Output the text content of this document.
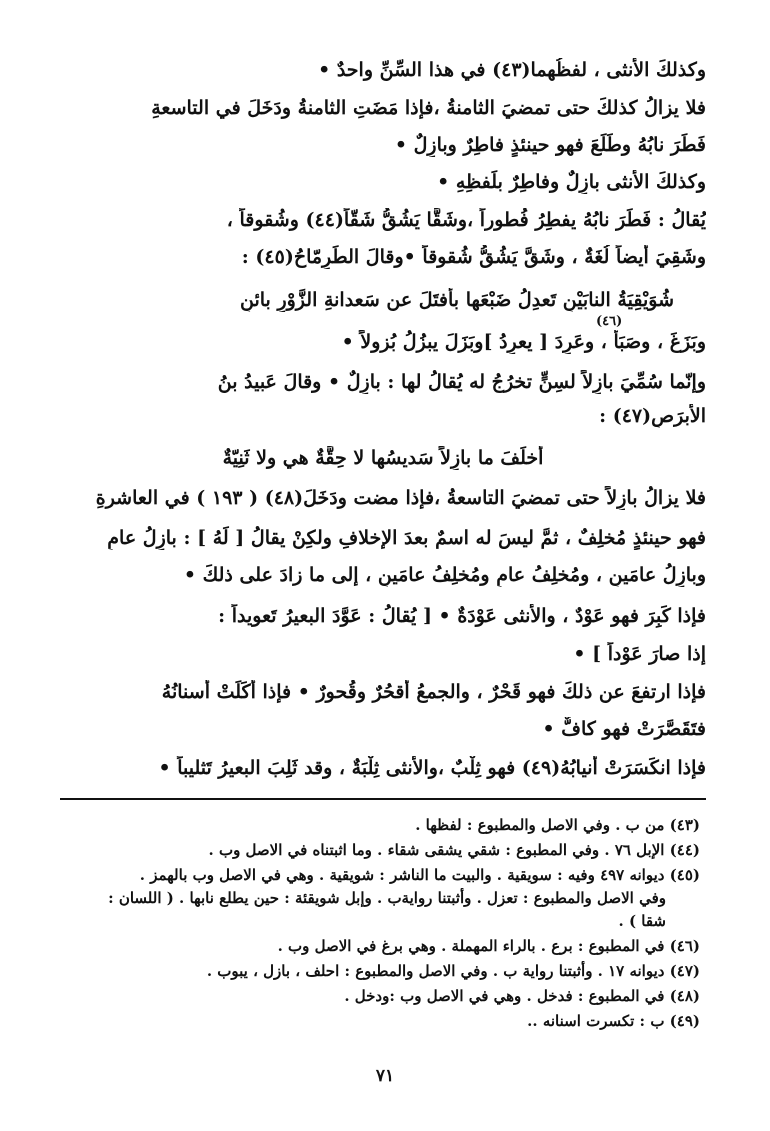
وكذلكَ الأُنثى ، لفظُهما(٤٣) في هذا السِّنِّ واحدٌ •
فلا يزالُ كذلكَ حتى تمضيَ الثامنةُ ،فإذا مَضَتِ الثامنةُ ودَخَلَ في التاسعةِ
فَطَرَ نابُهُ وطَلَعَ فهو حينئذٍ فاطِرٌ وبازِلٌ •
وكذلكَ الأُنثى بازِلٌ وفاطِرٌ بلَفظِهِ •
يُقالُ : فَطَرَ نابُهُ يفطِرُ فُطوراً ،وشَقَّا يَشُقُّ شَقّاً(٤٤) وشُقوقاً ،
وشَقِيَ أيضاً لُغَةٌ ، وشَقَّ يَشُقُّ شُقوقاً •وقالَ الطِّرِمّاحُ(٤٥) :
شُوَيْقِيَةُ النابَيْنِ تَعدِلُ ضَبْعَها بأَفتَلَ عن سَعدانةِ الزَّوْرِ بائنِ
(٤٦)
وبَزَغَ ، وصَبَأَ ، وعَرِدَ [ يعرِدُ ]وبَزَلَ يبزُلُ بُزولاً •
وإنّما سُمِّيَ بازِلاً لسِنٍّ تخرُجُ له يُقالُ لها : بازِلٌ • وقالَ عَبيدُ بنُ
الأَبرَصِ(٤٧) :
أَخلَفَ ما بازِلاً سَديسُها لا حِقَّةٌ هي ولا ثَنِيّةٌ
فلا يزالُ بازِلاً حتى تمضيَ التاسعةُ ،فإذا مضت ودَخَلَ(٤٨) ( ١٩٣ ) في العاشرةِ
فهو حينئذٍ مُخلِفٌ ، ثمَّ ليسَ له اسمٌ بعدَ الإخلافِ ولكِنْ يقالُ [ لَهُ ] : بازِلُ عامٍ
وبازِلُ عامَينِ ، ومُخلِفُ عامٍ ومُخلِفُ عامَينِ ، إلى ما زادَ على ذلكَ •
فإذا كَبِرَ فهو عَوْدٌ ، والأُنثى عَوْدَةٌ • [ يُقالُ : عَوَّدَ البعيرُ تَعويداً :
إذا صارَ عَوْداً ] •
فإذا ارتفعَ عن ذلكَ فهو قَحْرٌ ، والجمعُ أَقحُرٌ وقُحورٌ • فإذا أَكَلَتْ أَسنانُهُ
فتَقَصَّرَتْ فهو كافٌّ •
فإذا انكَسَرَتْ أَنيابُهُ(٤٩) فهو ثِلْبٌ ،والأُنثى ثِلْبَةٌ ، وقد ثَلِبَ البعيرُ تَثليباً •
(٤٣) من ب . وفي الاصل والمطبوع : لفظها .
(٤٤) الإبل ٧٦ . وفي المطبوع : شقي يشقى شقاء . وما اثبتناه في الاصل وب .
(٤٥) ديوانه ٤٩٧ وفيه : سويقية . والبيت ما الناشر : شويقية . وهي في الاصل وب بالهمز .
وفي الاصل والمطبوع : تعزل . وأثبتنا روايةب . وإبل شويقئة : حين يطلع نابها . ( اللسان :
شقا ) .
(٤٦) في المطبوع : برع . بالراء المهملة . وهي برغ في الاصل وب .
(٤٧) ديوانه ١٧ . وأثبتنا رواية ب . وفي الاصل والمطبوع : احلف ، بازل ، يبوب .
(٤٨) في المطبوع : فدخل . وهي في الاصل وب :ودخل .
(٤٩) ب : تكسرت اسنانه ..
٧١
